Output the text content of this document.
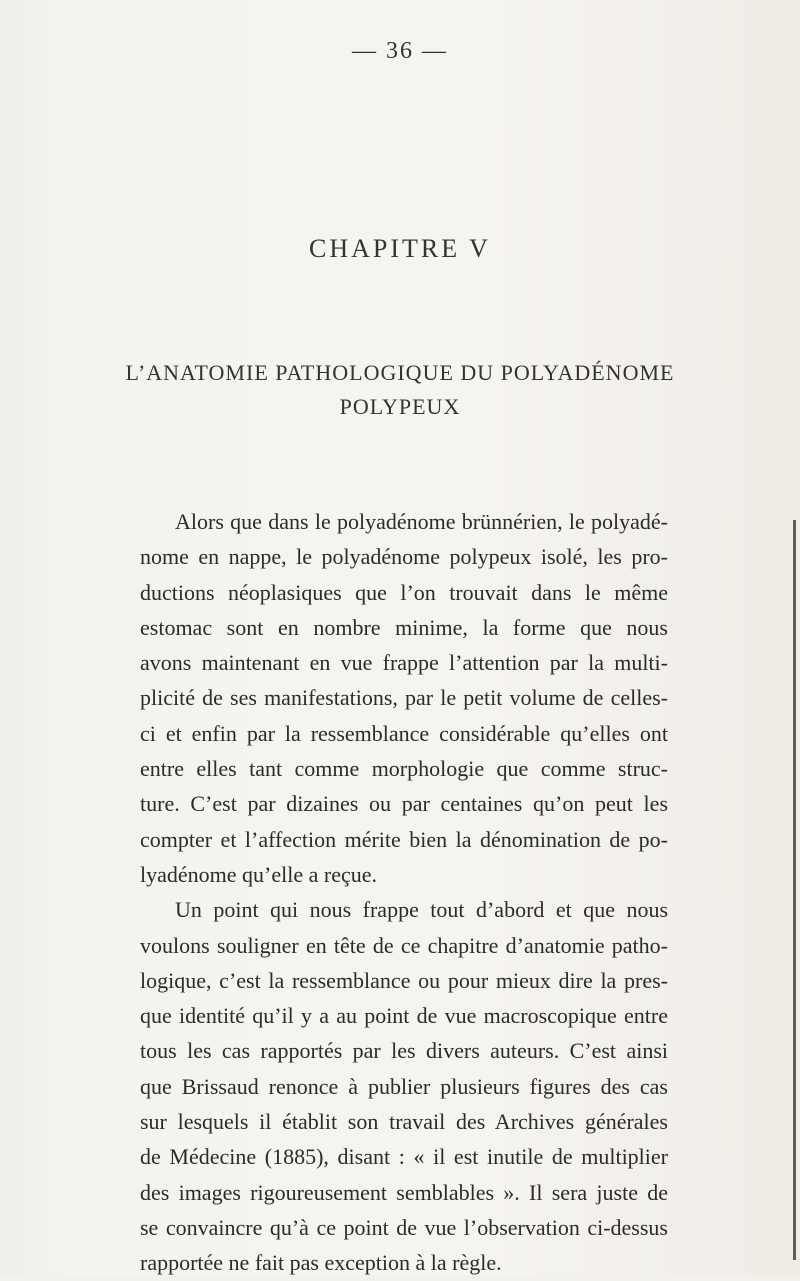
— 36 —
CHAPITRE V
L’ANATOMIE PATHOLOGIQUE DU POLYADÉNOME
POLYPEUX
Alors que dans le polyadénome brünnérien, le polyadé-
nome en nappe, le polyadénome polypeux isolé, les pro-
ductions néoplasiques que l’on trouvait dans le même
estomac sont en nombre minime, la forme que nous
avons maintenant en vue frappe l’attention par la multi-
plicité de ses manifestations, par le petit volume de celles-
ci et enfin par la ressemblance considérable qu’elles ont
entre elles tant comme morphologie que comme struc-
ture. C’est par dizaines ou par centaines qu’on peut les
compter et l’affection mérite bien la dénomination de po-
lyadénome qu’elle a reçue.
Un point qui nous frappe tout d’abord et que nous
voulons souligner en tête de ce chapitre d’anatomie patho-
logique, c’est la ressemblance ou pour mieux dire la pres-
que identité qu’il y a au point de vue macroscopique entre
tous les cas rapportés par les divers auteurs. C’est ainsi
que Brissaud renonce à publier plusieurs figures des cas
sur lesquels il établit son travail des Archives générales
de Médecine (1885), disant : « il est inutile de multiplier
des images rigoureusement semblables ». Il sera juste de
se convaincre qu’à ce point de vue l’observation ci-dessus
rapportée ne fait pas exception à la règle.
